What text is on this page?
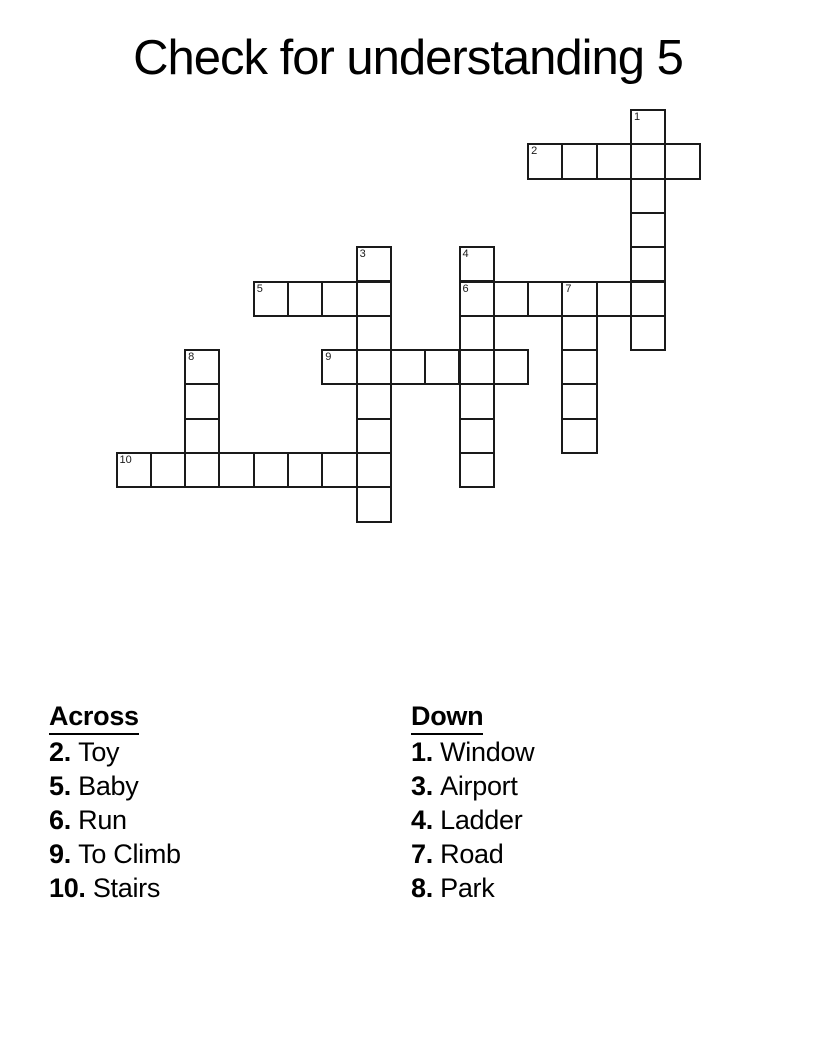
Check for understanding 5
1
2
3	4
5	6	7
8	9
10
Across
2. Toy
5. Baby
6. Run
9. To Climb
10. Stairs
Down
1. Window
3. Airport
4. Ladder
7. Road
8. Park
